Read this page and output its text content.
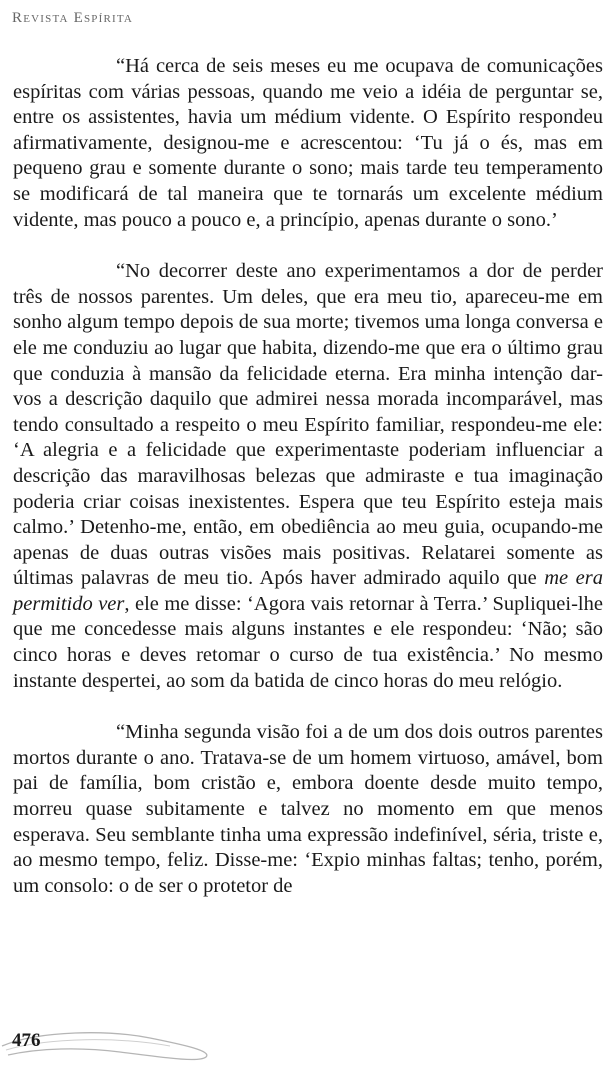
Revista Espírita

“Há cerca de seis meses eu me ocupava de comunicações espíritas com várias pessoas, quando me veio a idéia de perguntar se, entre os assistentes, havia um médium vidente. O Espírito respondeu afirmativamente, designou-me e acrescentou: ‘Tu já o és, mas em pequeno grau e somente durante o sono; mais tarde teu temperamento se modificará de tal maneira que te tornarás um excelente médium vidente, mas pouco a pouco e, a princípio, apenas durante o sono.’

“No decorrer deste ano experimentamos a dor de perder três de nossos parentes. Um deles, que era meu tio, apareceu-me em sonho algum tempo depois de sua morte; tivemos uma longa conversa e ele me conduziu ao lugar que habita, dizendo-me que era o último grau que conduzia à mansão da felicidade eterna. Era minha intenção dar-vos a descrição daquilo que admirei nessa morada incomparável, mas tendo consultado a respeito o meu Espírito familiar, respondeu-me ele: ‘A alegria e a felicidade que experimentaste poderiam influenciar a descrição das maravilhosas belezas que admiraste e tua imaginação poderia criar coisas inexistentes. Espera que teu Espírito esteja mais calmo.’ Detenho-me, então, em obediência ao meu guia, ocupando-me apenas de duas outras visões mais positivas. Relatarei somente as últimas palavras de meu tio. Após haver admirado aquilo que me era permitido ver, ele me disse: ‘Agora vais retornar à Terra.’ Supliquei-lhe que me concedesse mais alguns instantes e ele respondeu: ‘Não; são cinco horas e deves retomar o curso de tua existência.’ No mesmo instante despertei, ao som da batida de cinco horas do meu relógio.

“Minha segunda visão foi a de um dos dois outros parentes mortos durante o ano. Tratava-se de um homem virtuoso, amável, bom pai de família, bom cristão e, embora doente desde muito tempo, morreu quase subitamente e talvez no momento em que menos esperava. Seu semblante tinha uma expressão indefinível, séria, triste e, ao mesmo tempo, feliz. Disse-me: ‘Expio minhas faltas; tenho, porém, um consolo: o de ser o protetor de

476
